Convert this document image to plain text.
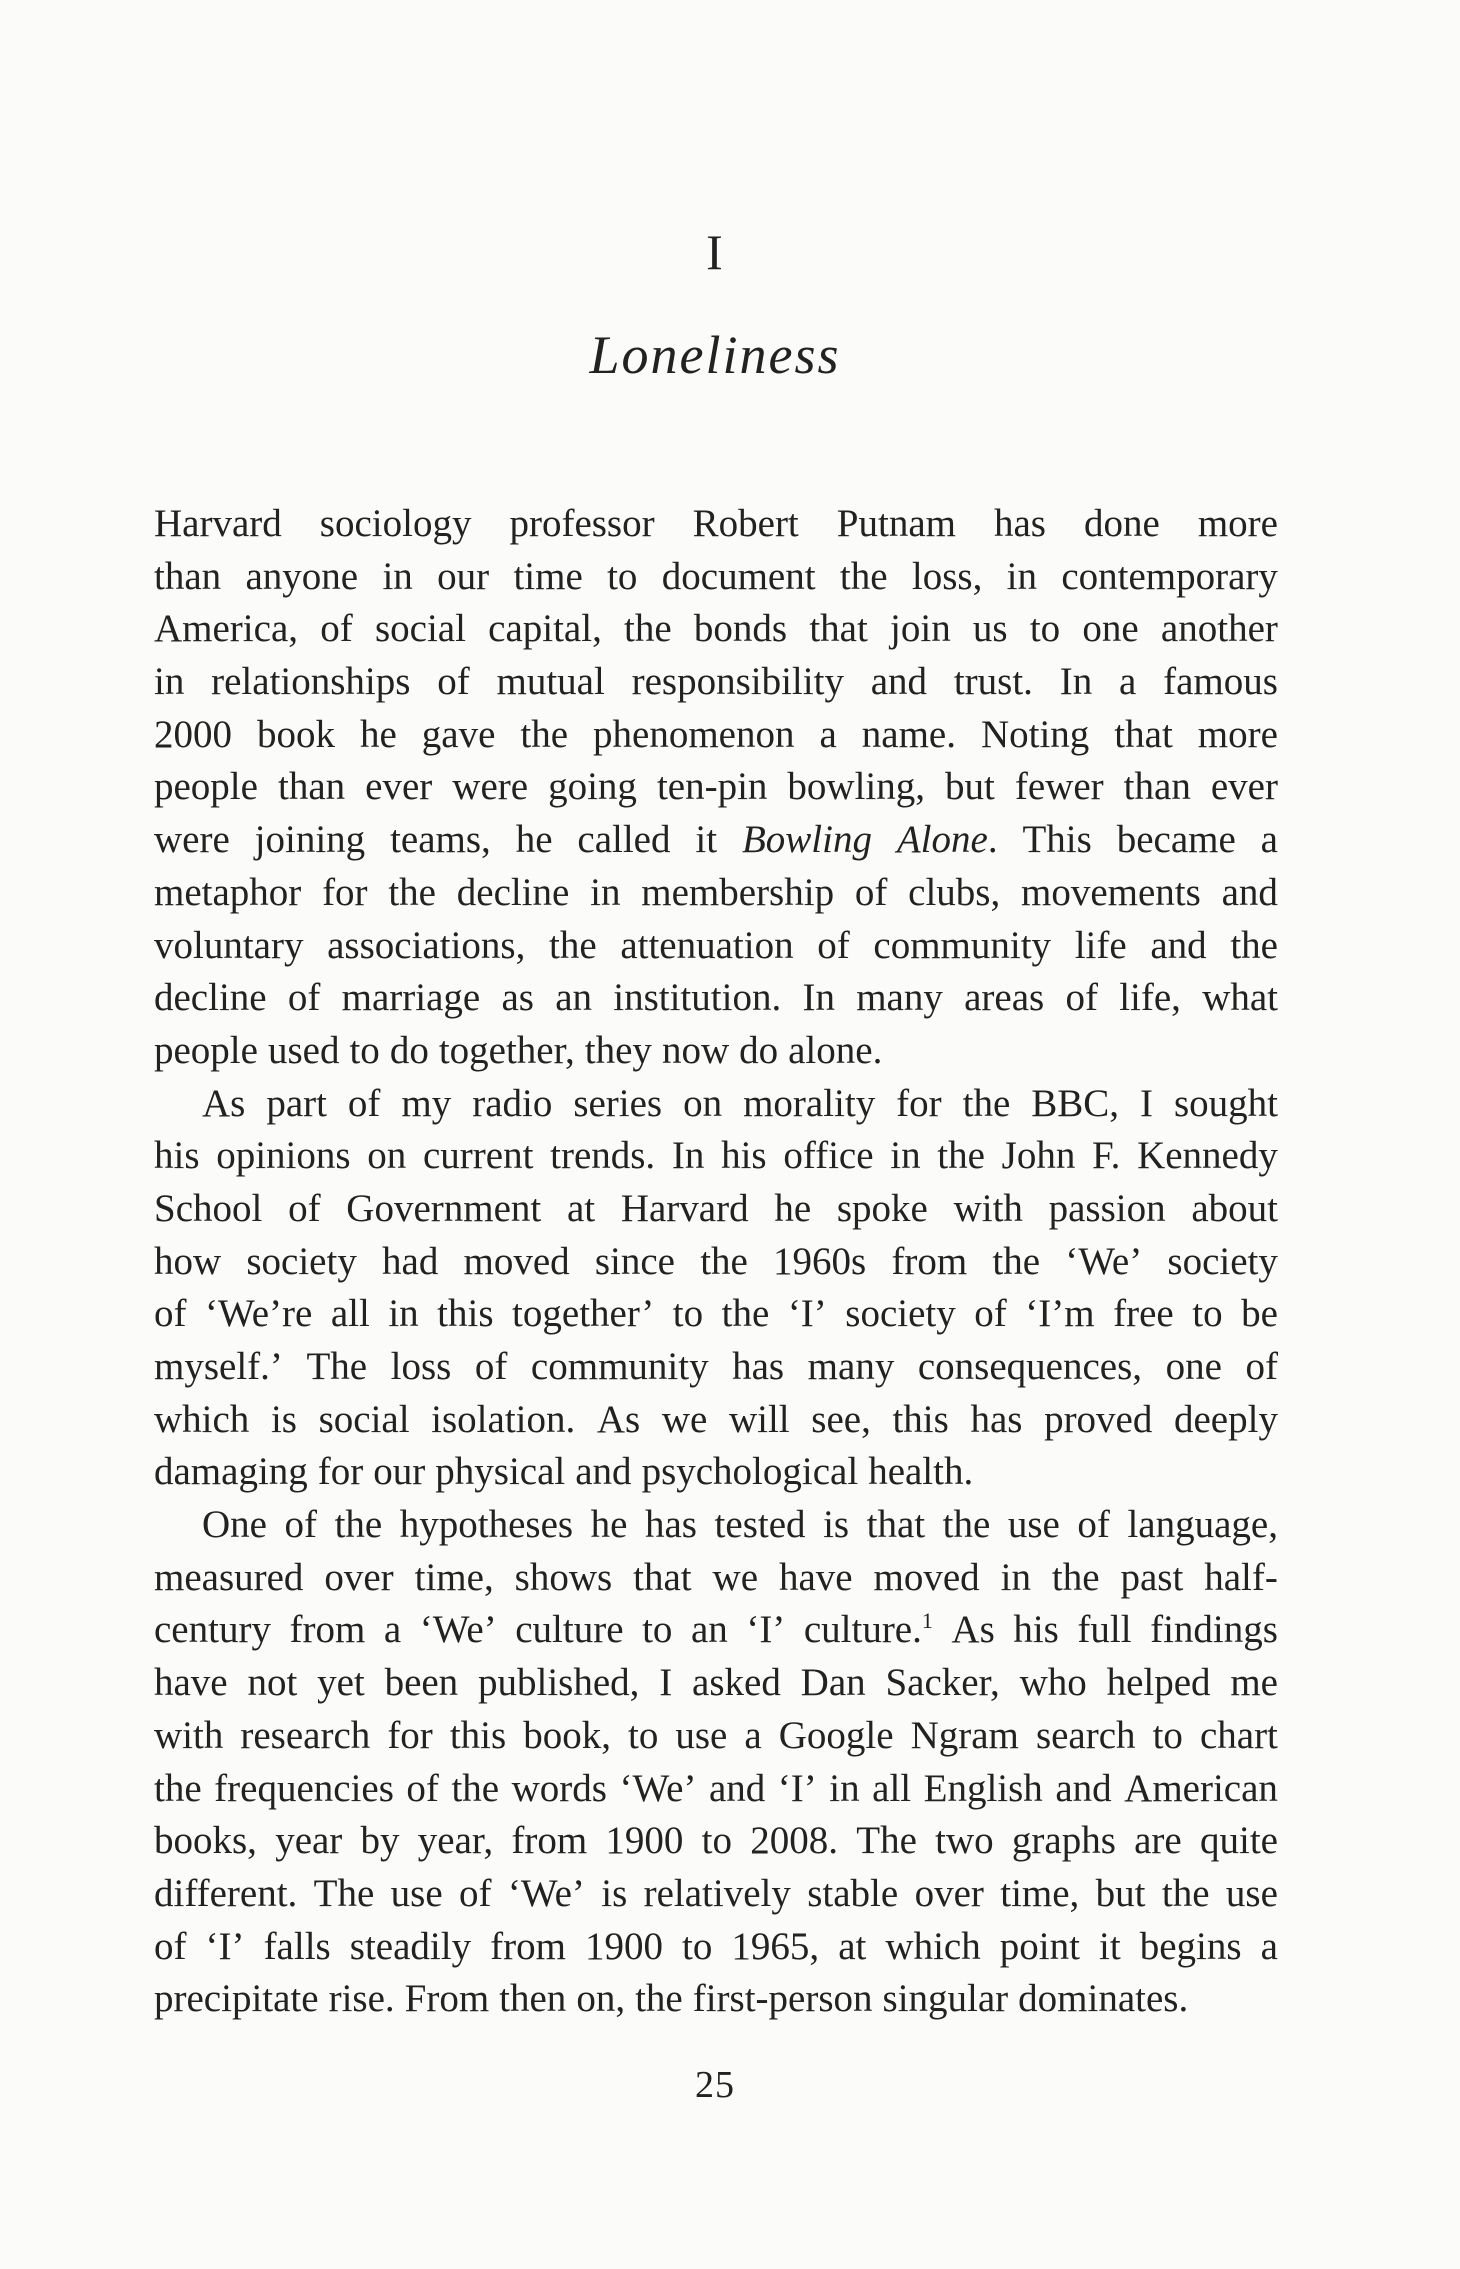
I
Loneliness
Harvard sociology professor Robert Putnam has done more
than anyone in our time to document the loss, in contemporary
America, of social capital, the bonds that join us to one another
in relationships of mutual responsibility and trust. In a famous
2000 book he gave the phenomenon a name. Noting that more
people than ever were going ten-pin bowling, but fewer than ever
were joining teams, he called it Bowling Alone. This became a
metaphor for the decline in membership of clubs, movements and
voluntary associations, the attenuation of community life and the
decline of marriage as an institution. In many areas of life, what
people used to do together, they now do alone.
As part of my radio series on morality for the BBC, I sought
his opinions on current trends. In his office in the John F. Kennedy
School of Government at Harvard he spoke with passion about
how society had moved since the 1960s from the ‘We’ society
of ‘We’re all in this together’ to the ‘I’ society of ‘I’m free to be
myself.’ The loss of community has many consequences, one of
which is social isolation. As we will see, this has proved deeply
damaging for our physical and psychological health.
One of the hypotheses he has tested is that the use of language,
measured over time, shows that we have moved in the past half-
century from a ‘We’ culture to an ‘I’ culture.$^1$ As his full findings
have not yet been published, I asked Dan Sacker, who helped me
with research for this book, to use a Google Ngram search to chart
the frequencies of the words ‘We’ and ‘I’ in all English and American
books, year by year, from 1900 to 2008. The two graphs are quite
different. The use of ‘We’ is relatively stable over time, but the use
of ‘I’ falls steadily from 1900 to 1965, at which point it begins a
precipitate rise. From then on, the first-person singular dominates.
25
